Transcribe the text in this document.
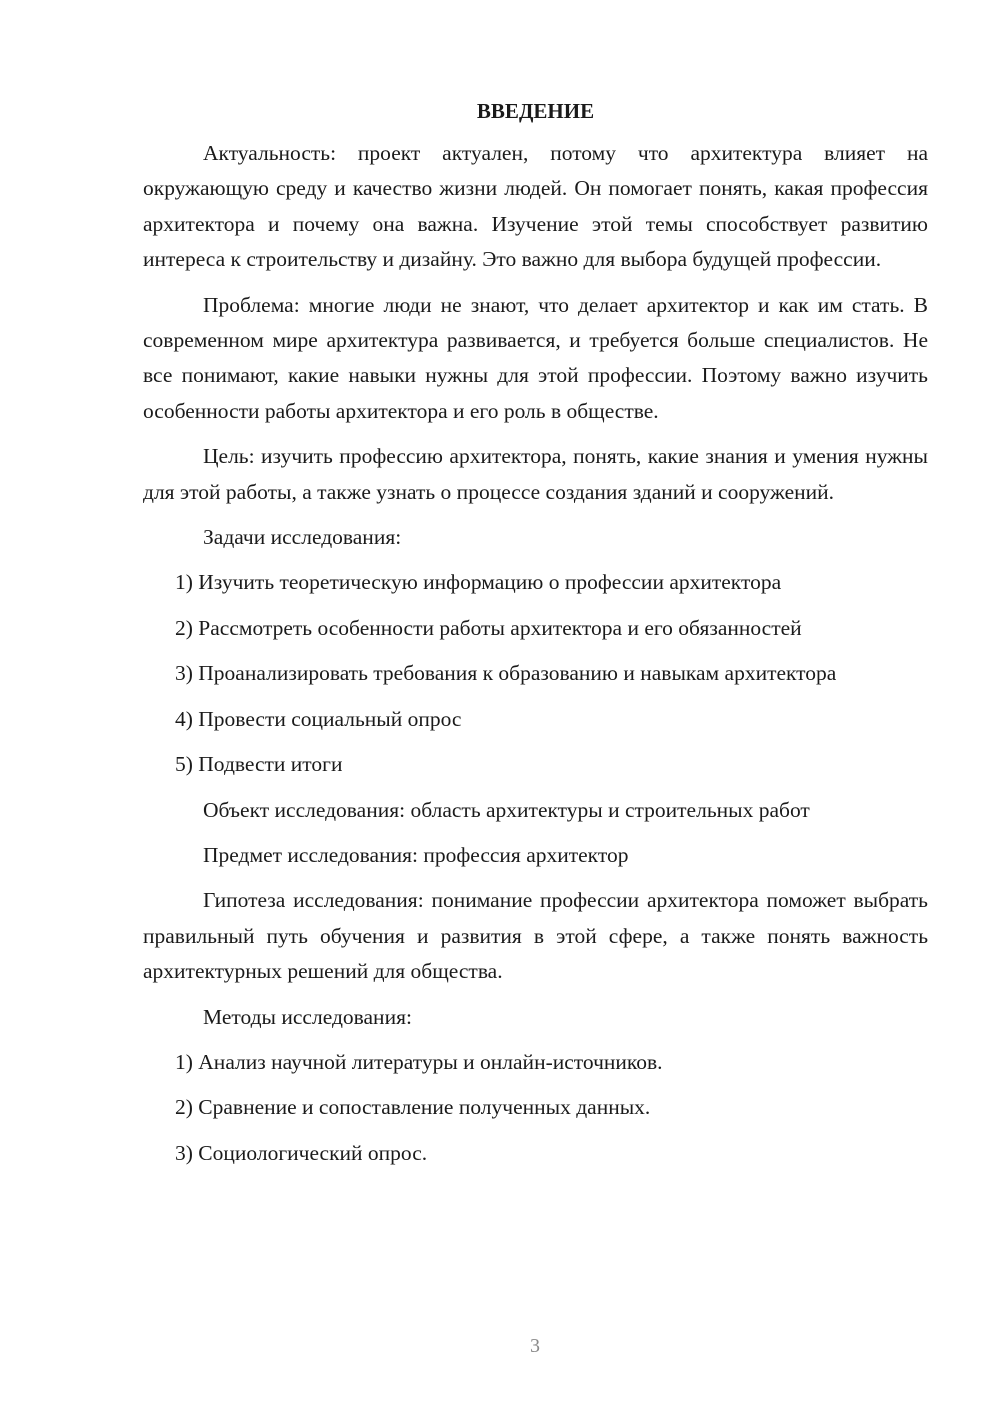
ВВЕДЕНИЕ

Актуальность: проект актуален, потому что архитектура влияет на окружающую среду и качество жизни людей. Он помогает понять, какая профессия архитектора и почему она важна. Изучение этой темы способствует развитию интереса к строительству и дизайну. Это важно для выбора будущей профессии.

Проблема: многие люди не знают, что делает архитектор и как им стать. В современном мире архитектура развивается, и требуется больше специалистов. Не все понимают, какие навыки нужны для этой профессии. Поэтому важно изучить особенности работы архитектора и его роль в обществе.

Цель: изучить профессию архитектора, понять, какие знания и умения нужны для этой работы, а также узнать о процессе создания зданий и сооружений.

Задачи исследования:
1) Изучить теоретическую информацию о профессии архитектора
2) Рассмотреть особенности работы архитектора и его обязанностей

3) Проанализировать требования к образованию и навыкам архитектора

4) Провести социальный опрос
5) Подвести итоги
Объект исследования: область архитектуры и строительных работ
Предмет исследования: профессия архитектор

Гипотеза исследования: понимание профессии архитектора поможет выбрать правильный путь обучения и развития в этой сфере, а также понять важность архитектурных решений для общества.

Методы исследования:
1) Анализ научной литературы и онлайн-источников.
2) Сравнение и сопоставление полученных данных.
3) Социологический опрос.
3
